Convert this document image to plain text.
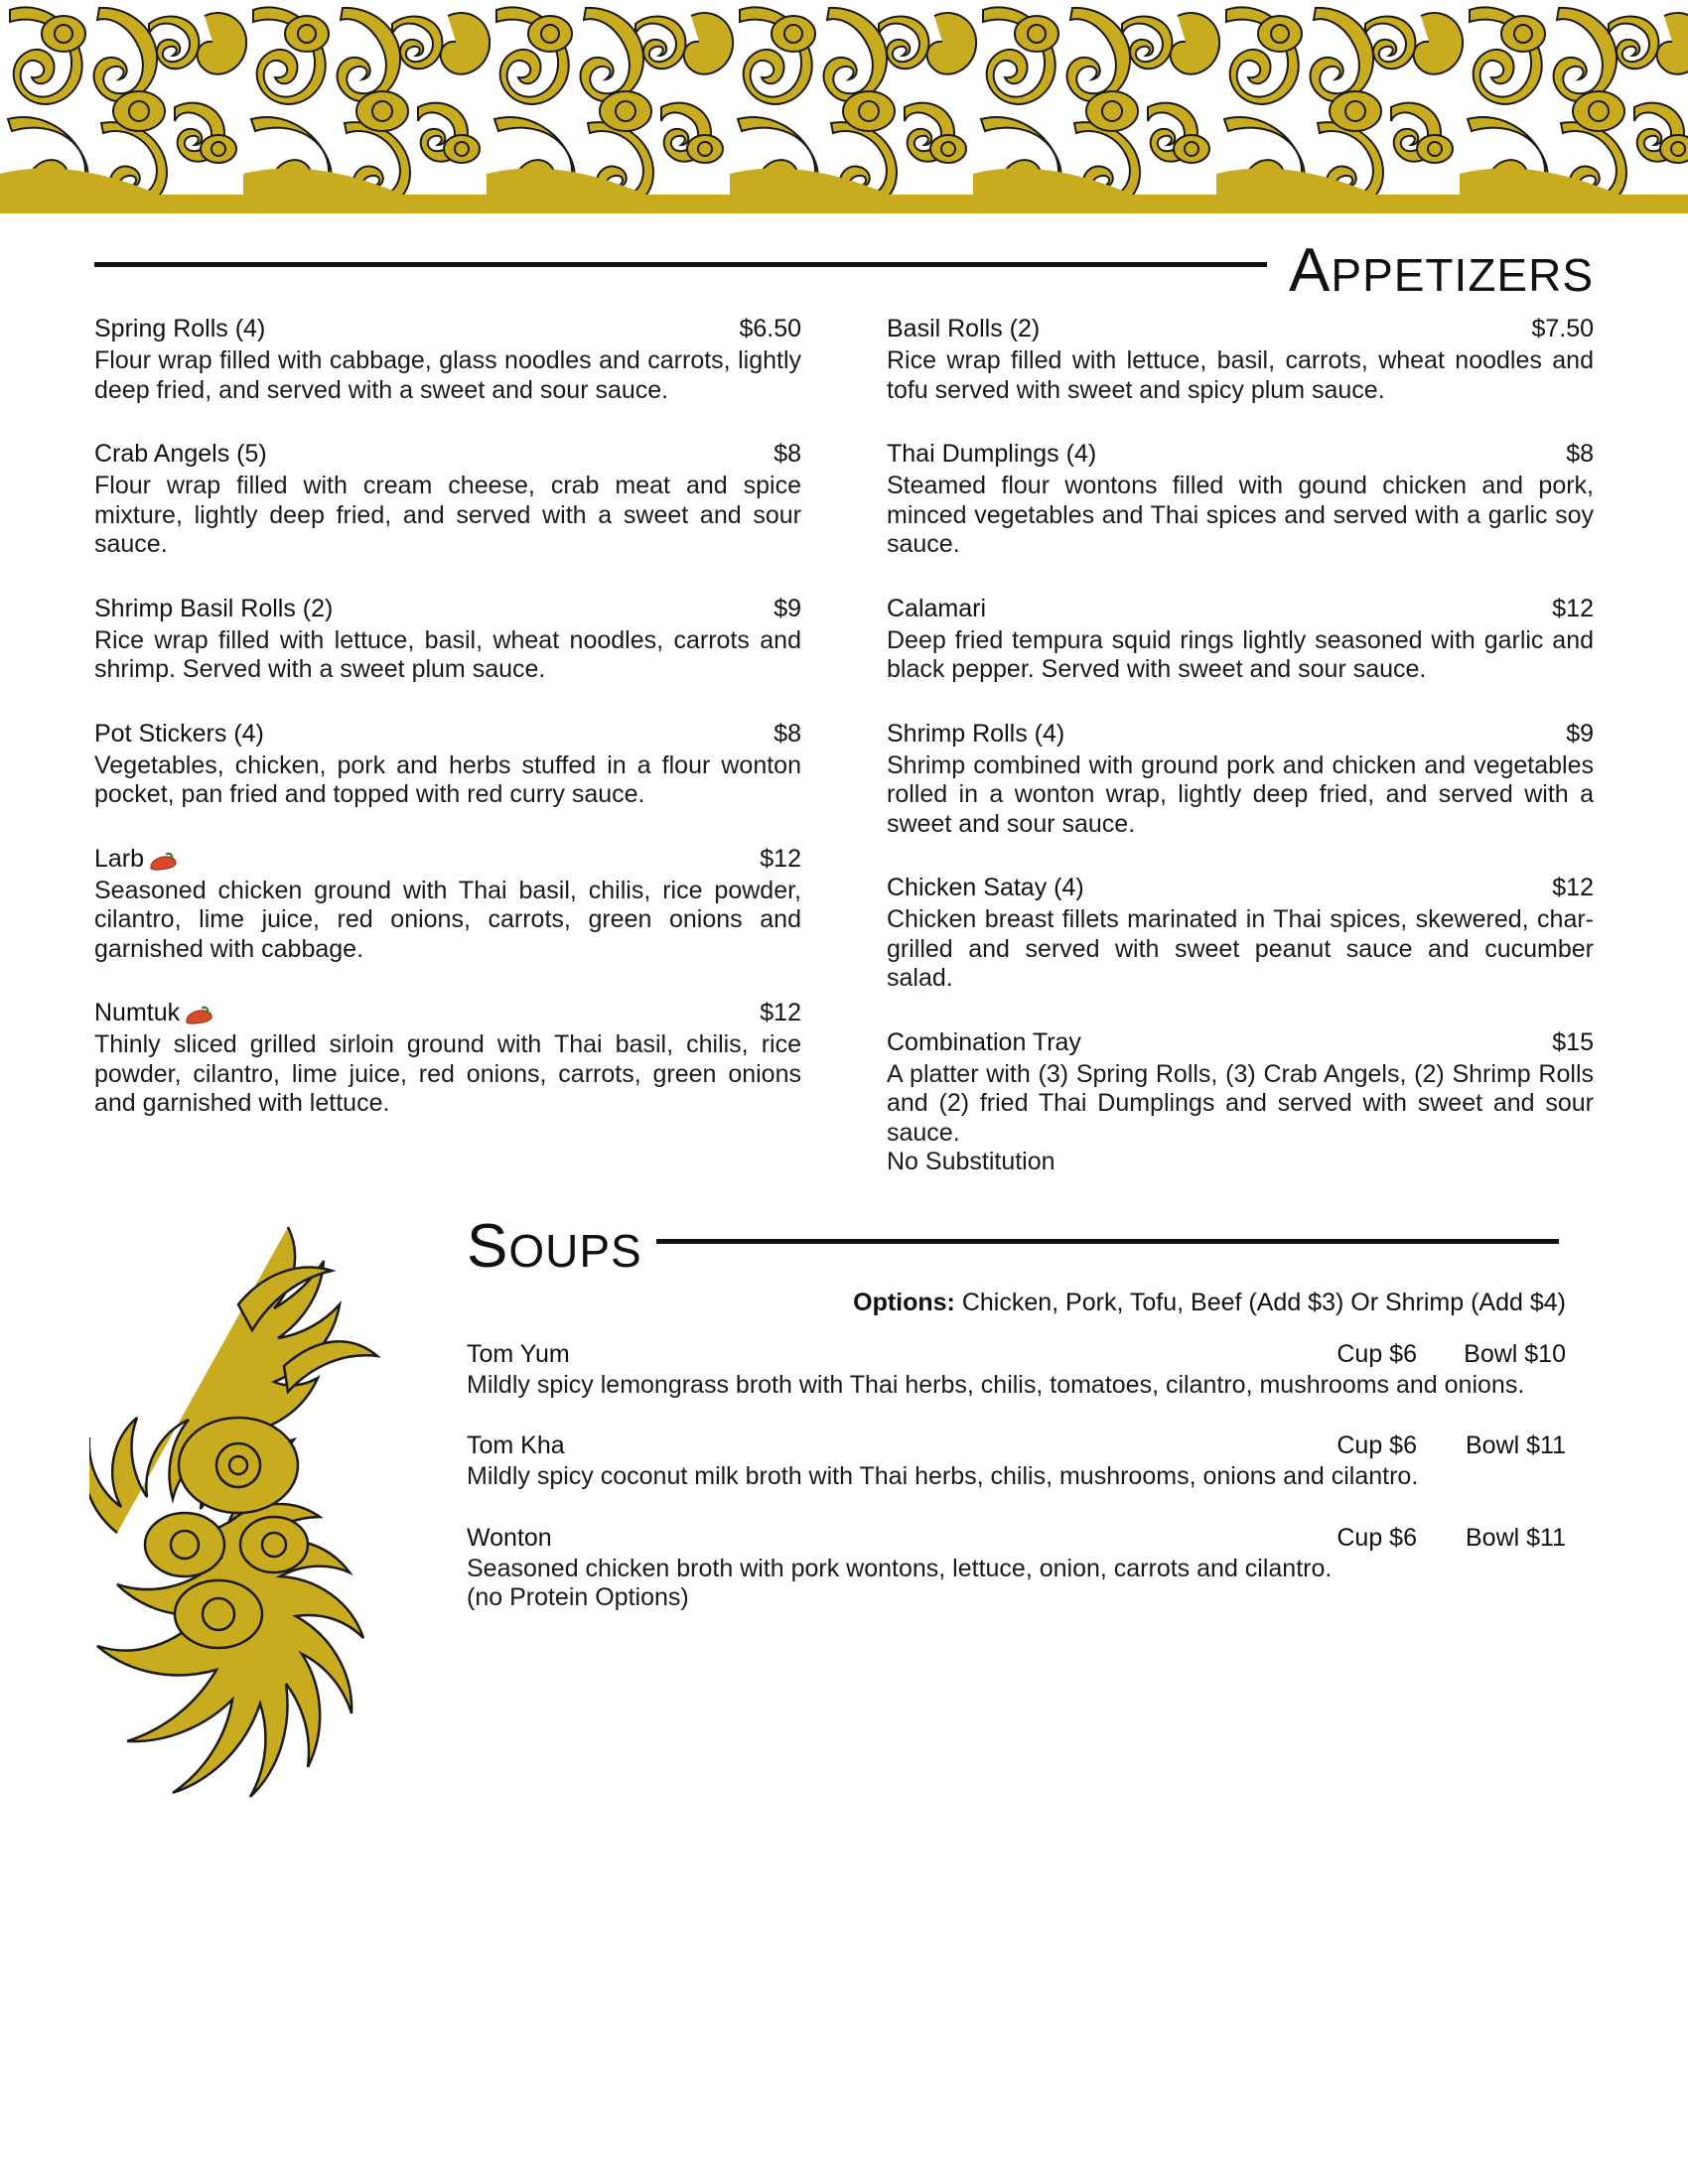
APPETIZERS
Spring Rolls (4)	$6.50
Flour wrap filled with cabbage, glass noodles and carrots, lightly deep fried, and served with a sweet and sour sauce.
Crab Angels (5)	$8
Flour wrap filled with cream cheese, crab meat and spice mixture, lightly deep fried, and served with a sweet and sour sauce.
Shrimp Basil Rolls (2)	$9
Rice wrap filled with lettuce, basil, wheat noodles, carrots and shrimp. Served with a sweet plum sauce.
Pot Stickers (4)	$8
Vegetables, chicken, pork and herbs stuffed in a flour wonton pocket, pan fried and topped with red curry sauce.
Larb	$12
Seasoned chicken ground with Thai basil, chilis, rice powder, cilantro, lime juice, red onions, carrots, green onions and garnished with cabbage.
Numtuk	$12
Thinly sliced grilled sirloin ground with Thai basil, chilis, rice powder, cilantro, lime juice, red onions, carrots, green onions and garnished with lettuce.
Basil Rolls (2)	$7.50
Rice wrap filled with lettuce, basil, carrots, wheat noodles and tofu served with sweet and spicy plum sauce.
Thai Dumplings (4)	$8
Steamed flour wontons filled with gound chicken and pork, minced vegetables and Thai spices and served with a garlic soy sauce.
Calamari	$12
Deep fried tempura squid rings lightly seasoned with garlic and black pepper. Served with sweet and sour sauce.
Shrimp Rolls (4)	$9
Shrimp combined with ground pork and chicken and vegetables rolled in a wonton wrap, lightly deep fried, and served with a sweet and sour sauce.
Chicken Satay (4)	$12
Chicken breast fillets marinated in Thai spices, skewered, char-grilled and served with sweet peanut sauce and cucumber salad.
Combination Tray	$15
A platter with (3) Spring Rolls, (3) Crab Angels, (2) Shrimp Rolls and (2) fried Thai Dumplings and served with sweet and sour sauce.
No Substitution
SOUPS
Options: Chicken, Pork, Tofu, Beef (Add $3) Or Shrimp (Add $4)
Tom Yum	Cup $6	Bowl $10
Mildly spicy lemongrass broth with Thai herbs, chilis, tomatoes, cilantro, mushrooms and onions.
Tom Kha	Cup $6	Bowl $11
Mildly spicy coconut milk broth with Thai herbs, chilis, mushrooms, onions and cilantro.
Wonton	Cup $6	Bowl $11
Seasoned chicken broth with pork wontons, lettuce, onion, carrots and cilantro.
(no Protein Options)
